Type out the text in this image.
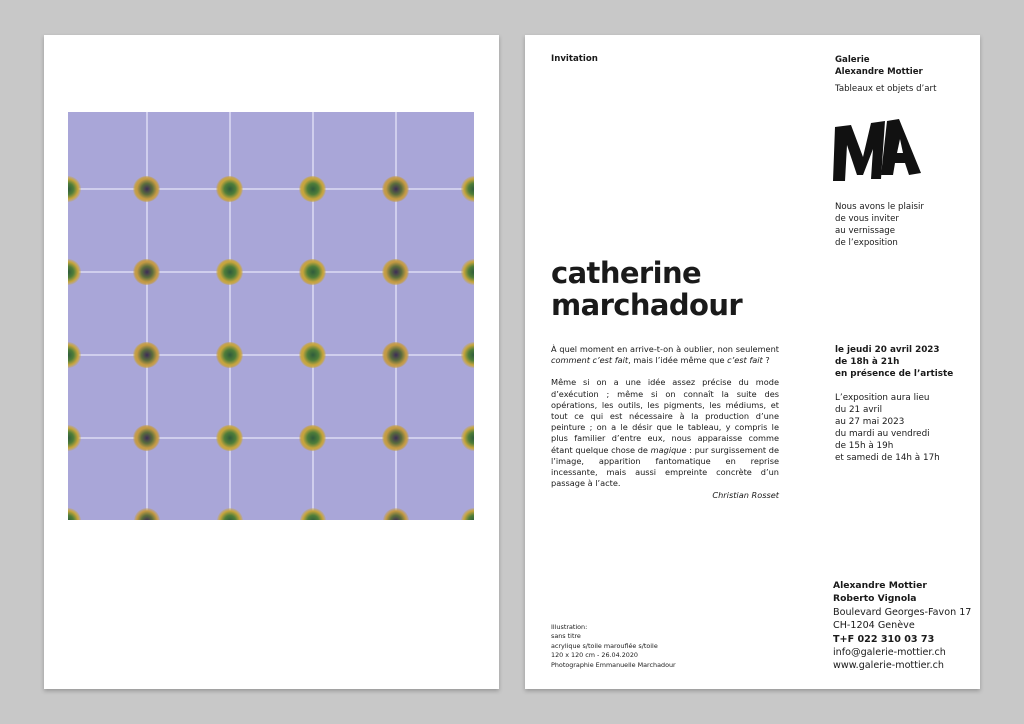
Invitation	Galerie
Alexandre Mottier
Tableaux et objets d’art
MA
Nous avons le plaisir
de vous inviter
au vernissage
de l’exposition
catherine
marchadour

À quel moment en arrive-t-on à oublier, non seulement comment c’est fait, mais l’idée même que c’est fait ?

Même si on a une idée assez précise du mode d’exécution ; même si on connaît la suite des opérations, les outils, les pigments, les médiums, et tout ce qui est nécessaire à la production d’une peinture ; on a le désir que le tableau, y compris le plus familier d’entre eux, nous apparaisse comme étant quelque chose de magique : pur surgissement de l’image, apparition fantomatique en reprise incessante, mais aussi empreinte concrète d’un passage à l’acte.

Christian Rosset
le jeudi 20 avril 2023
de 18h à 21h
en présence de l’artiste
L’exposition aura lieu
du 21 avril
au 27 mai 2023
du mardi au vendredi
de 15h à 19h
et samedi de 14h à 17h
Illustration:
sans titre
acrylique s/toile marouflée s/toile
120 x 120 cm - 26.04.2020
Photographie Emmanuelle Marchadour
Alexandre Mottier
Roberto Vignola
Boulevard Georges-Favon 17
CH-1204 Genève
T+F 022 310 03 73
info@galerie-mottier.ch
www.galerie-mottier.ch
